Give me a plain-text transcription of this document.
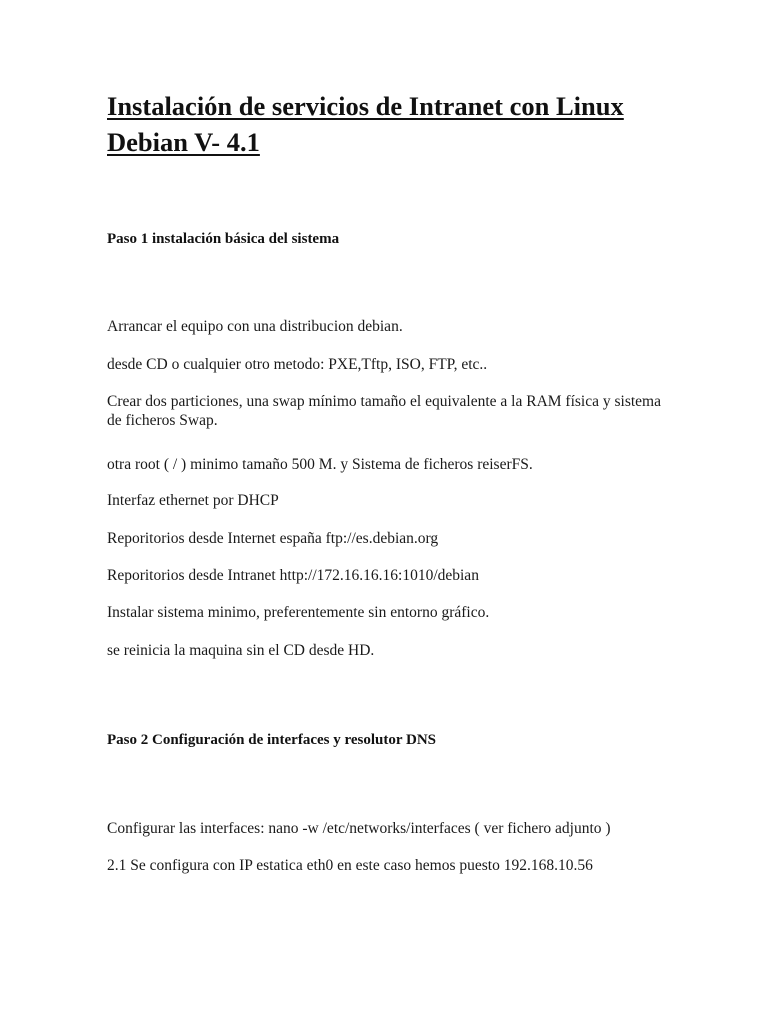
Instalación de servicios de Intranet con Linux Debian V- 4.1
Paso 1 instalación básica del sistema

Arrancar el equipo con una distribucion debian.

desde CD o cualquier otro metodo: PXE,Tftp, ISO, FTP, etc..

Crear dos particiones, una swap mínimo tamaño el equivalente a la RAM física y sistema de ficheros Swap.

otra root ( / ) minimo tamaño 500 M. y Sistema de ficheros reiserFS.

Interfaz ethernet por DHCP

Reporitorios desde Internet españa ftp://es.debian.org

Reporitorios desde Intranet http://172.16.16.16:1010/debian

Instalar sistema minimo, preferentemente sin entorno gráfico.

se reinicia la maquina sin el CD desde HD.

Paso 2 Configuración de interfaces y resolutor DNS

Configurar las interfaces: nano -w /etc/networks/interfaces ( ver fichero adjunto )

2.1 Se configura con IP estatica eth0 en este caso hemos puesto 192.168.10.56
